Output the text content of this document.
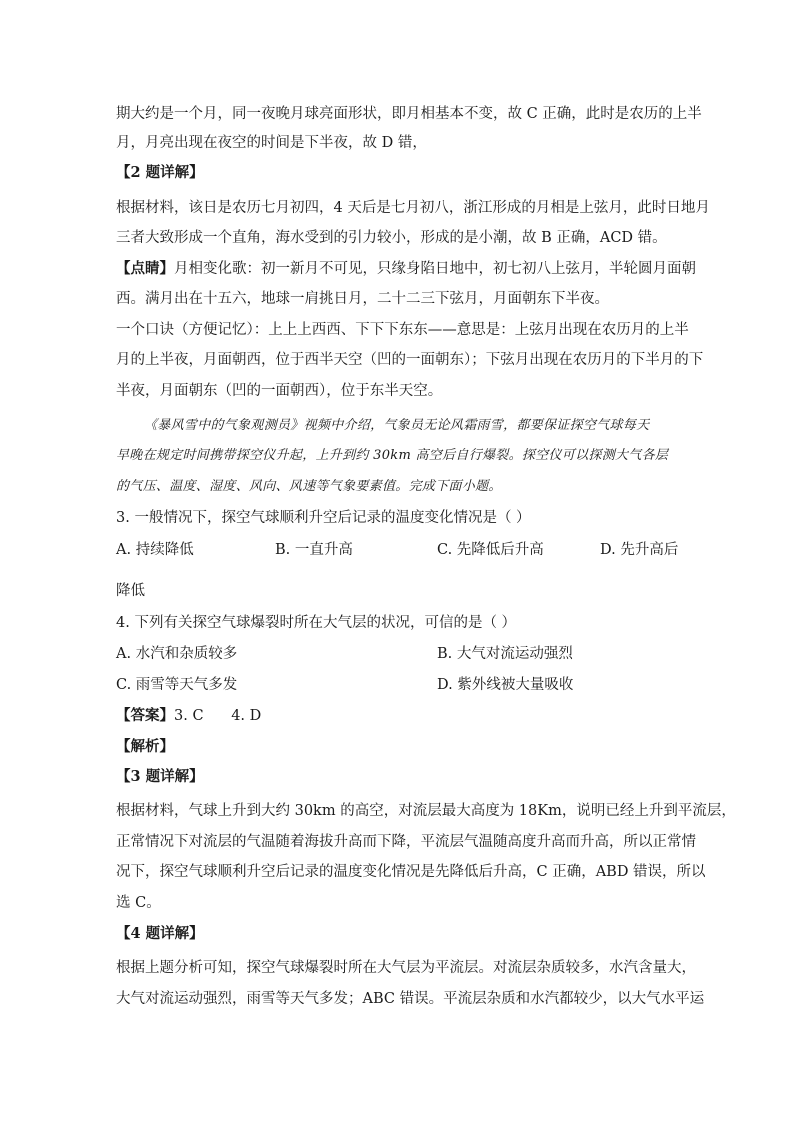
期大约是一个月，同一夜晚月球亮面形状，即月相基本不变，故 C 正确，此时是农历的上半
月，月亮出现在夜空的时间是下半夜，故 D 错，
【2 题详解】
根据材料，该日是农历七月初四，4 天后是七月初八，浙江形成的月相是上弦月，此时日地月
三者大致形成一个直角，海水受到的引力较小，形成的是小潮，故 B 正确，ACD 错。
【点睛】月相变化歌：初一新月不可见，只缘身陷日地中，初七初八上弦月，半轮圆月面朝
西。满月出在十五六，地球一肩挑日月，二十二三下弦月，月面朝东下半夜。
一个口诀（方便记忆）：上上上西西、下下下东东——意思是：上弦月出现在农历月的上半
月的上半夜，月面朝西，位于西半天空（凹的一面朝东）；下弦月出现在农历月的下半月的下
半夜，月面朝东（凹的一面朝西），位于东半天空。
《暴风雪中的气象观测员》视频中介绍，气象员无论风霜雨雪，都要保证探空气球每天
早晚在规定时间携带探空仪升起，上升到约 30km 高空后自行爆裂。探空仪可以探测大气各层
的气压、温度、湿度、风向、风速等气象要素值。完成下面小题。
3. 一般情况下，探空气球顺利升空后记录的温度变化情况是（ ）
A. 持续降低	B. 一直升高	C. 先降低后升高	D. 先升高后
降低
4. 下列有关探空气球爆裂时所在大气层的状况，可信的是（ ）
A. 水汽和杂质较多	B. 大气对流运动强烈
C. 雨雪等天气多发	D. 紫外线被大量吸收
【答案】3. C      4. D
【解析】
【3 题详解】
根据材料，气球上升到大约 30km 的高空，对流层最大高度为 18Km，说明已经上升到平流层，
正常情况下对流层的气温随着海拔升高而下降，平流层气温随高度升高而升高，所以正常情
况下，探空气球顺利升空后记录的温度变化情况是先降低后升高，C 正确，ABD 错误，所以
选 C。
【4 题详解】
根据上题分析可知，探空气球爆裂时所在大气层为平流层。对流层杂质较多，水汽含量大，
大气对流运动强烈，雨雪等天气多发；ABC 错误。平流层杂质和水汽都较少，以大气水平运
